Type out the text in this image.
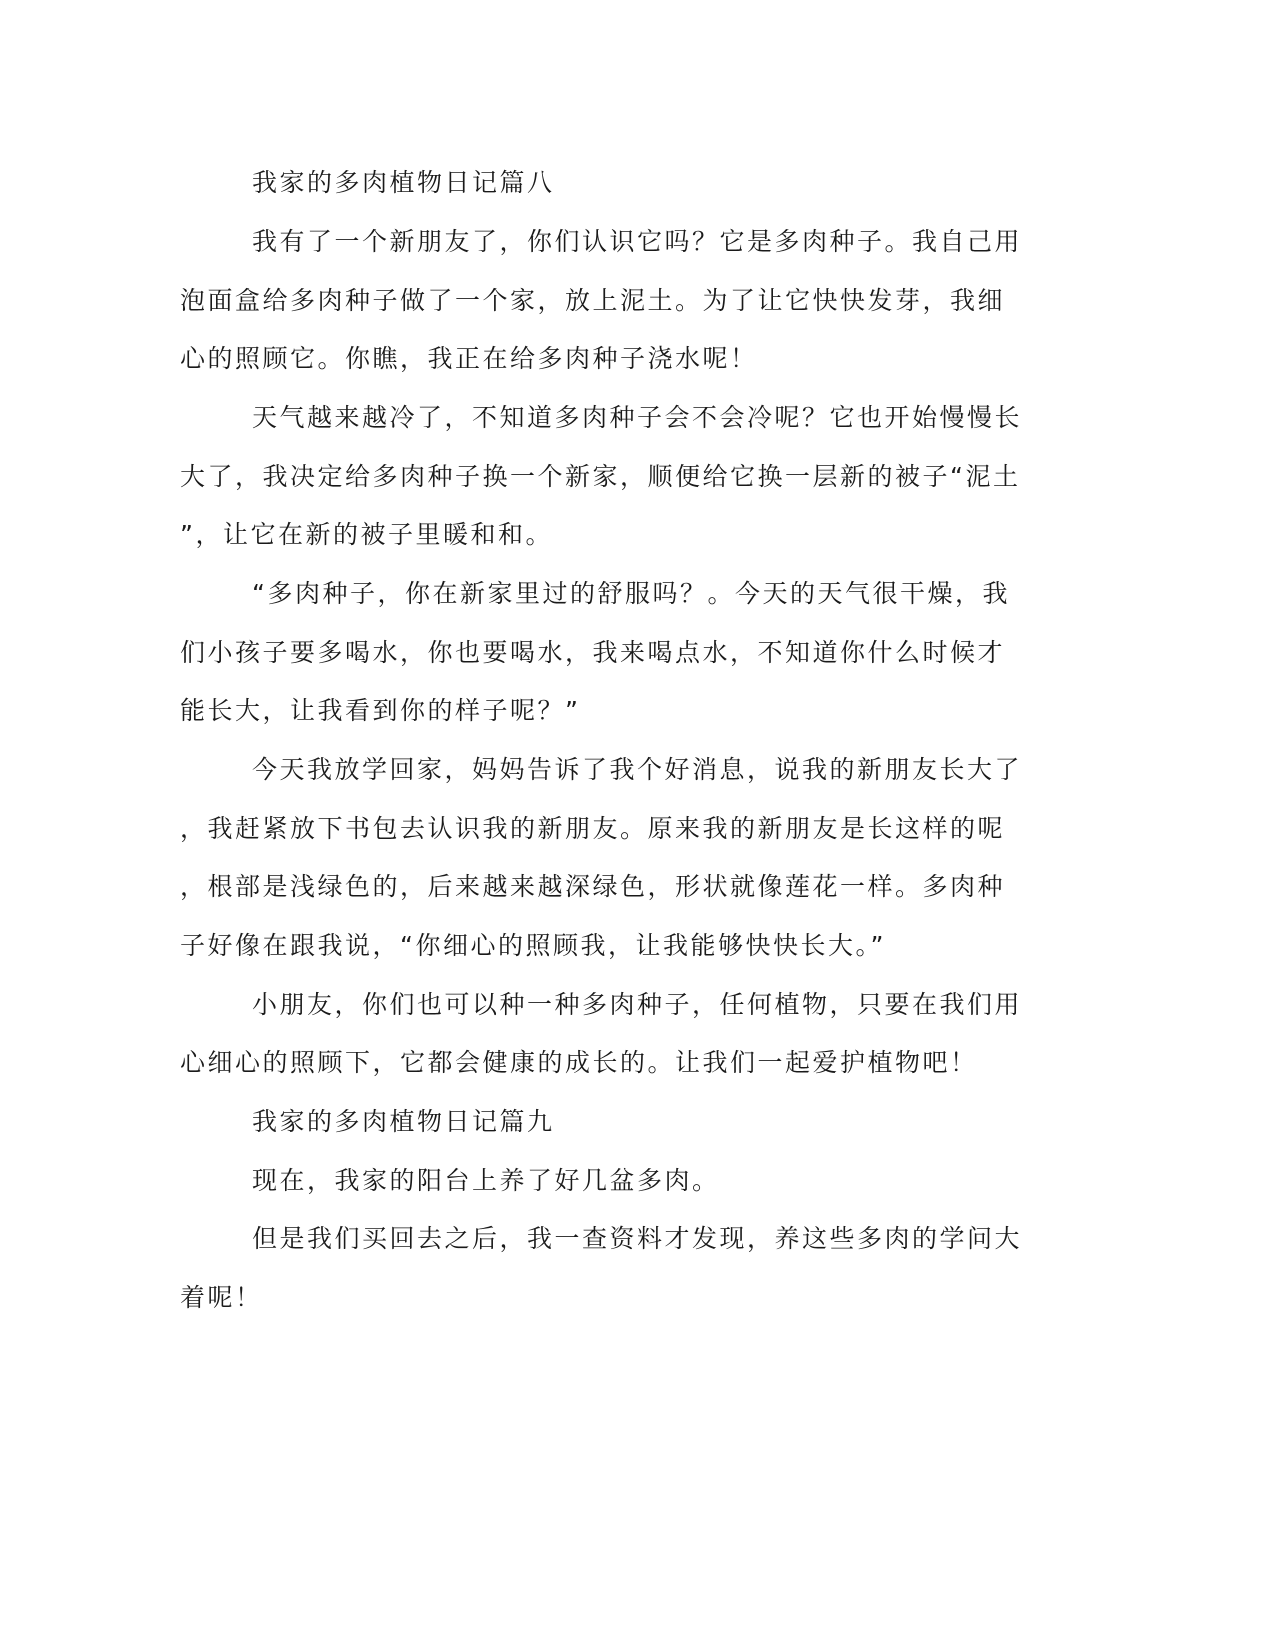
我家的多肉植物日记篇八
我有了一个新朋友了，你们认识它吗？它是多肉种子。我自己用
泡面盒给多肉种子做了一个家，放上泥土。为了让它快快发芽，我细
心的照顾它。你瞧，我正在给多肉种子浇水呢！
天气越来越冷了，不知道多肉种子会不会冷呢？它也开始慢慢长
大了，我决定给多肉种子换一个新家，顺便给它换一层新的被子“泥土
”，让它在新的被子里暖和和。
“多肉种子，你在新家里过的舒服吗？。今天的天气很干燥，我
们小孩子要多喝水，你也要喝水，我来喝点水，不知道你什么时候才
能长大，让我看到你的样子呢？”
今天我放学回家，妈妈告诉了我个好消息，说我的新朋友长大了
，我赶紧放下书包去认识我的新朋友。原来我的新朋友是长这样的呢
，根部是浅绿色的，后来越来越深绿色，形状就像莲花一样。多肉种
子好像在跟我说，“你细心的照顾我，让我能够快快长大。”
小朋友，你们也可以种一种多肉种子，任何植物，只要在我们用
心细心的照顾下，它都会健康的成长的。让我们一起爱护植物吧！
我家的多肉植物日记篇九
现在，我家的阳台上养了好几盆多肉。
但是我们买回去之后，我一查资料才发现，养这些多肉的学问大
着呢！
